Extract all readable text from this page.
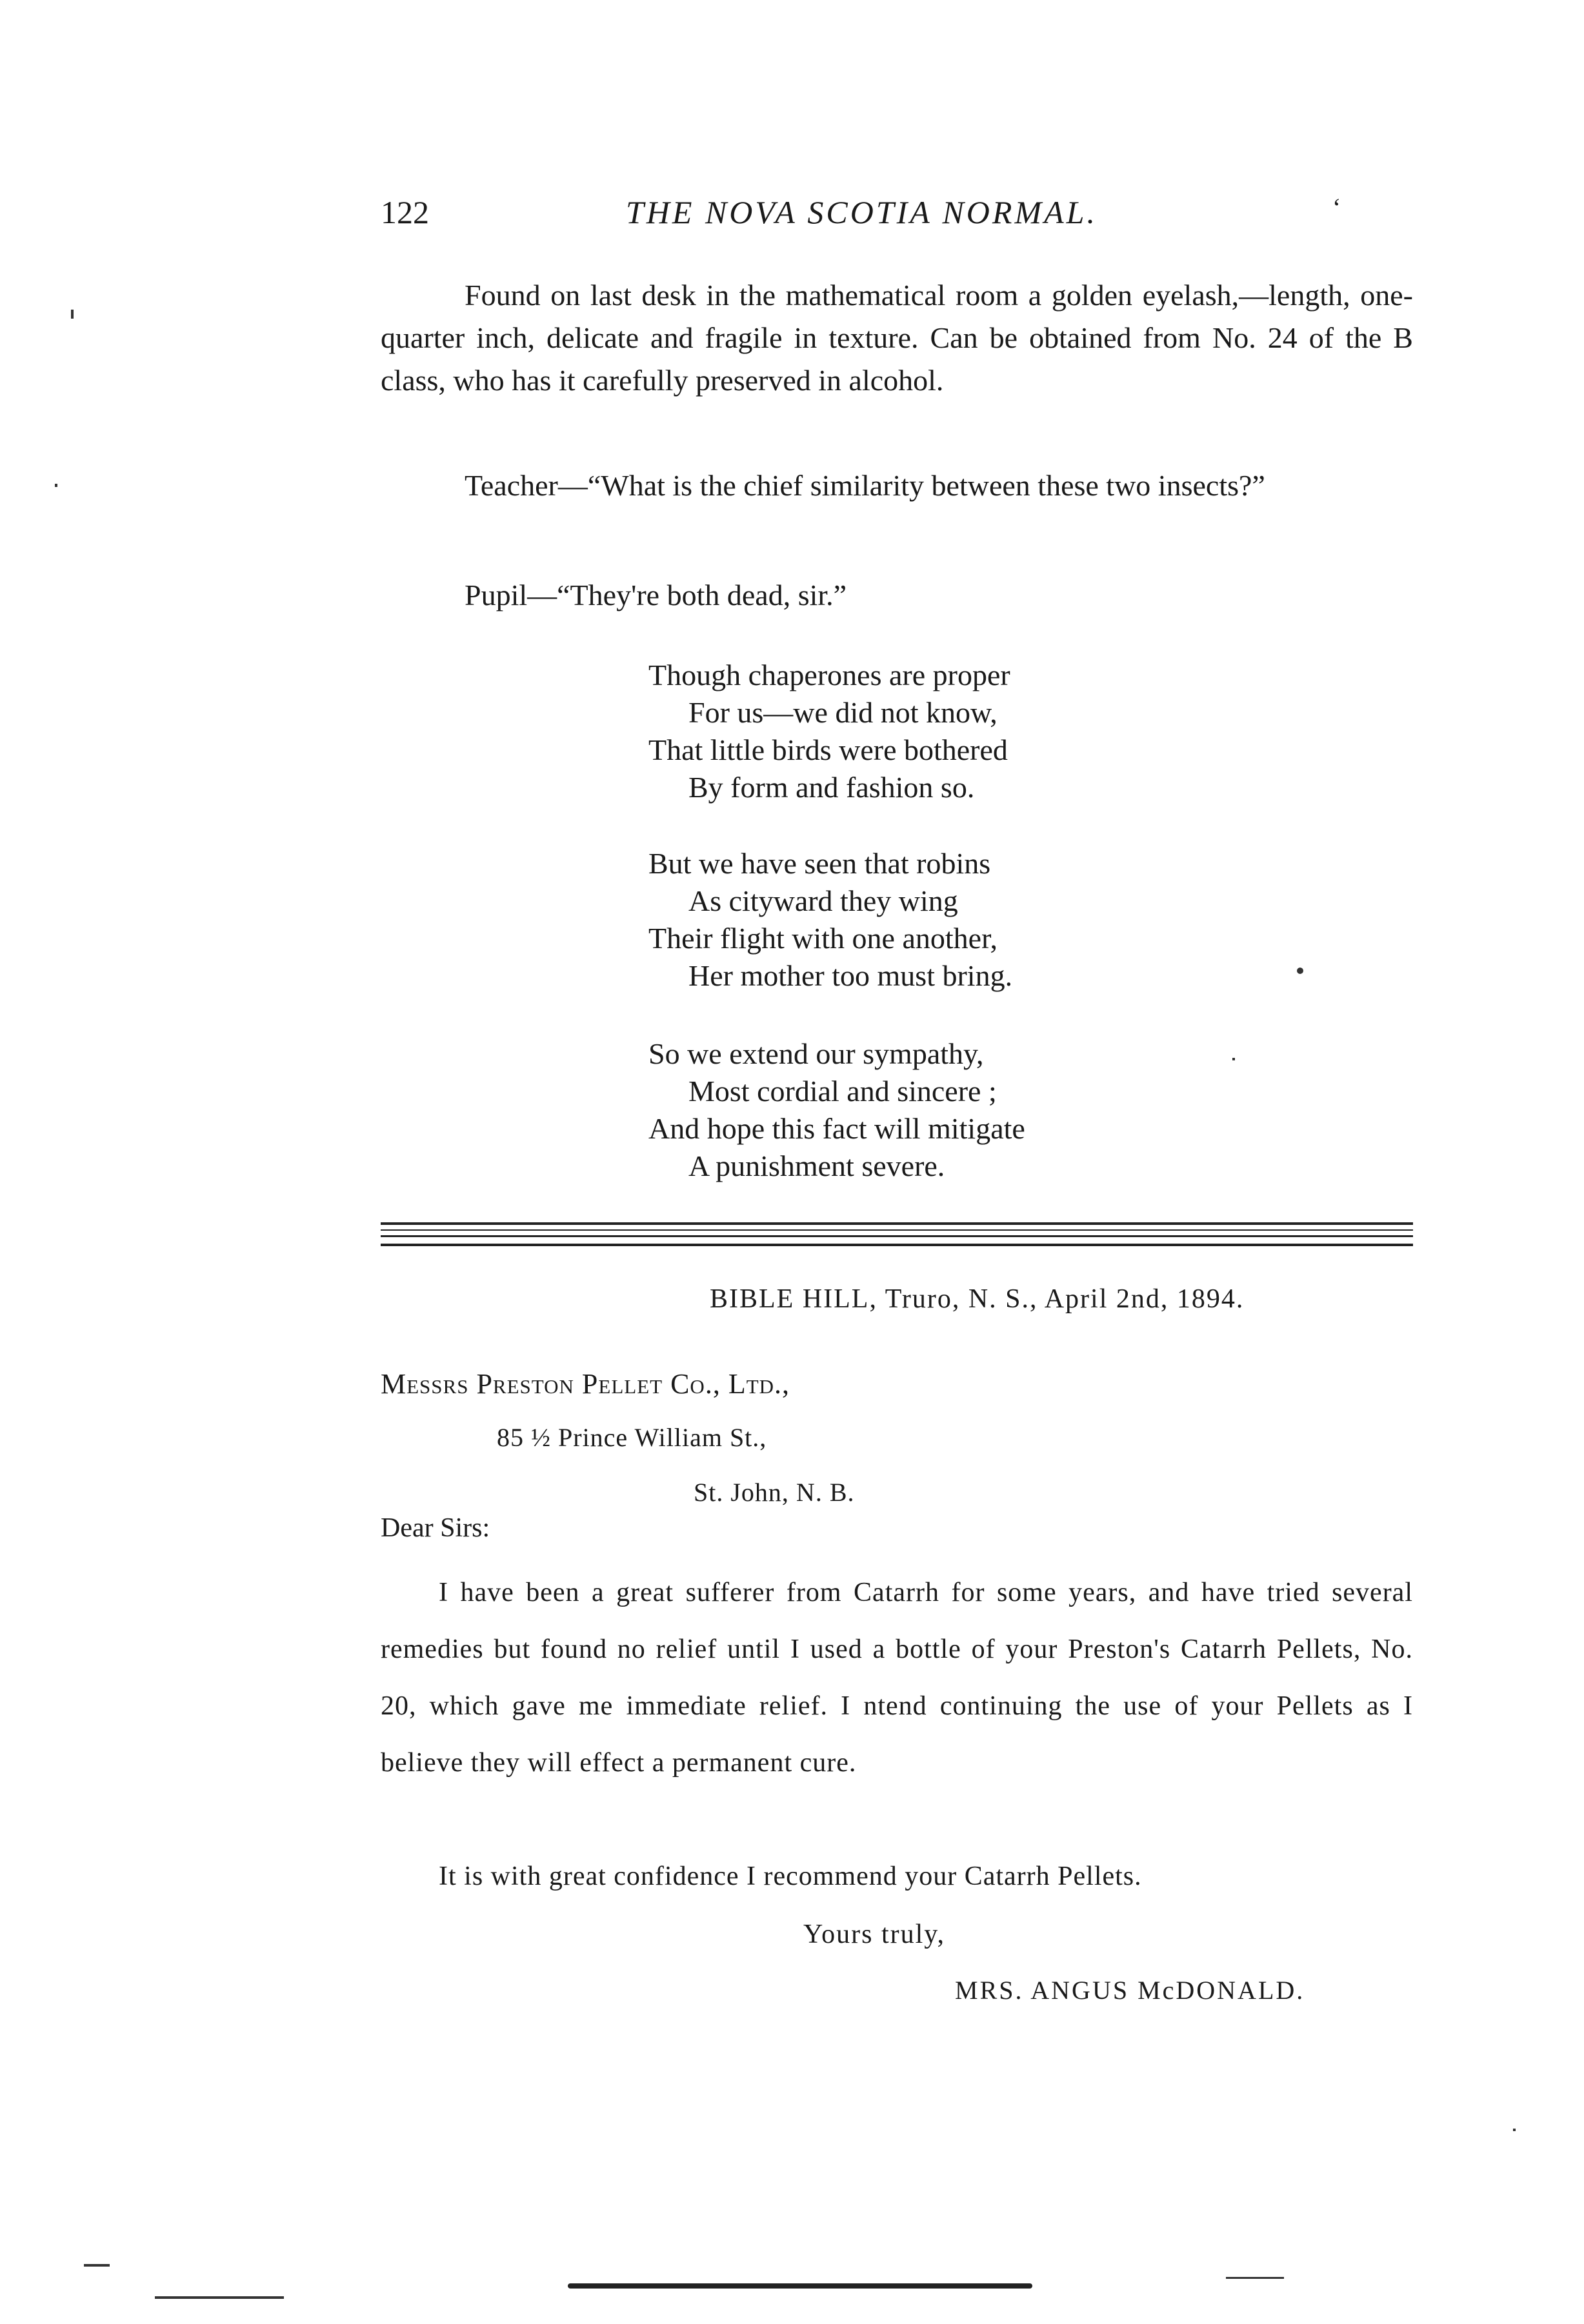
122	THE NOVA SCOTIA NORMAL.	‘

Found on last desk in the mathematical room a golden eyelash,—length, one-quarter inch, delicate and fragile in texture. Can be obtained from No. 24 of the B class, who has it carefully preserved in alcohol.

Teacher—“What is the chief similarity between these two insects?”

Pupil—“They're both dead, sir.”

Though chaperones are proper
For us—we did not know,
That little birds were bothered
By form and fashion so.
But we have seen that robins
As cityward they wing
Their flight with one another,
Her mother too must bring.
So we extend our sympathy,
Most cordial and sincere ;
And hope this fact will mitigate
A punishment severe.
BIBLE HILL, Truro, N. S., April 2nd, 1894.
Messrs Preston Pellet Co., Ltd.,
85 ½ Prince William St.,
St. John, N. B.
Dear Sirs:

I have been a great sufferer from Catarrh for some years, and have tried several remedies but found no relief until I used a bottle of your Preston's Catarrh Pellets, No. 20, which gave me immediate relief. I ntend continuing the use of your Pellets as I believe they will effect a permanent cure.

It is with great confidence I recommend your Catarrh Pellets.

Yours truly,
MRS. ANGUS McDONALD.
